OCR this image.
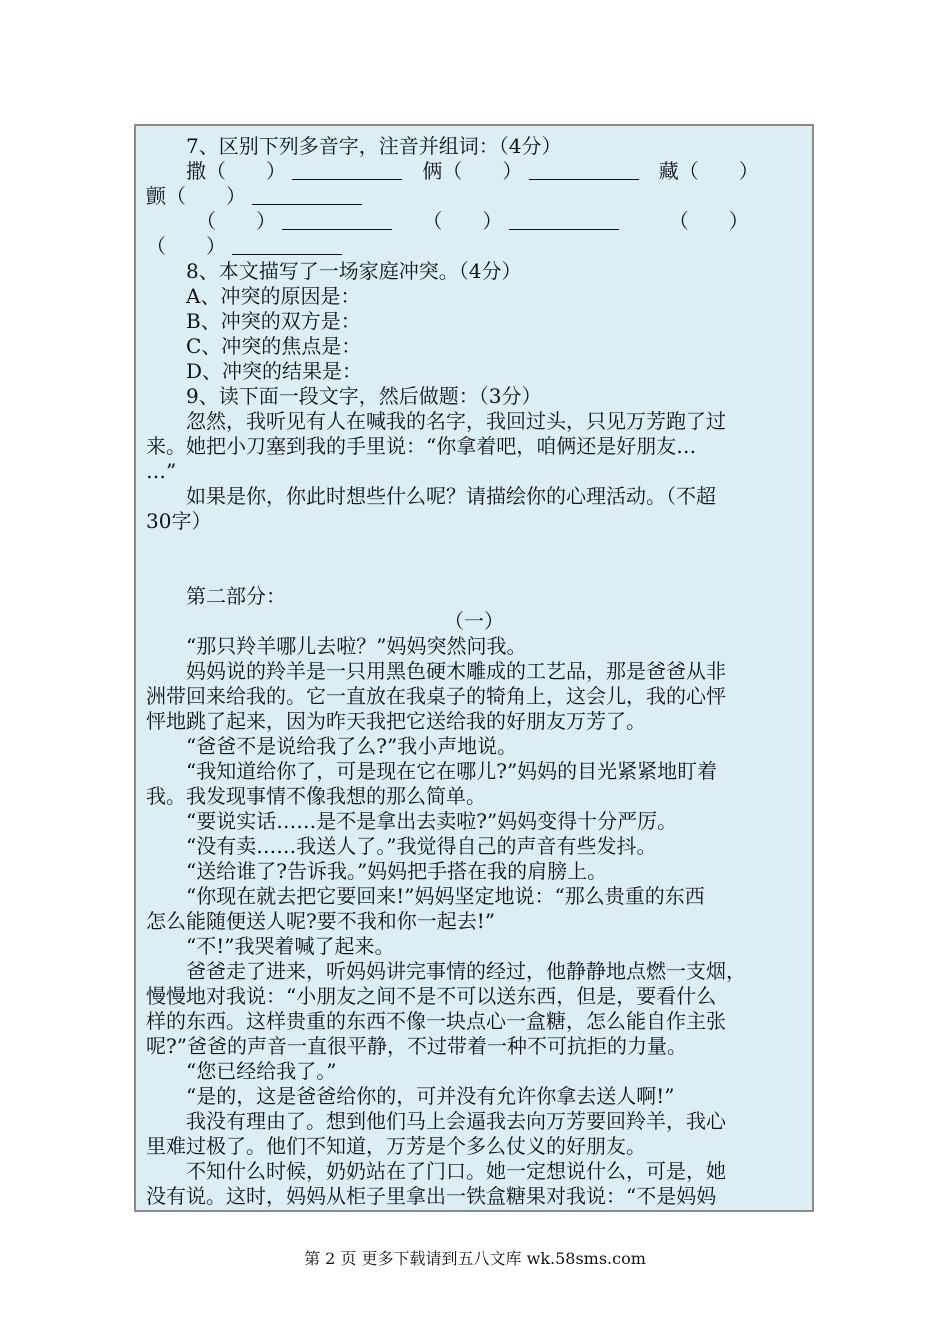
7、区别下列多音字，注音并组词：（4分）

撒（　　） 　	俩（　　） 　	藏（　　）

颤（　　）

　（　　） 　　	（　　） 　　　	（　　）

（　　）

8、本文描写了一场家庭冲突。（4分）

A、冲突的原因是：

B、冲突的双方是：

C、冲突的焦点是：

D、冲突的结果是：

9、读下面一段文字，然后做题：（3分）

忽然，我听见有人在喊我的名字，我回过头，只见万芳跑了过

来。她把小刀塞到我的手里说：“你拿着吧，咱俩还是好朋友…

…”

如果是你，你此时想些什么呢？请描绘你的心理活动。（不超

30字）

第二部分：

（一）

“那只羚羊哪儿去啦？”妈妈突然问我。

妈妈说的羚羊是一只用黑色硬木雕成的工艺品，那是爸爸从非

洲带回来给我的。它一直放在我桌子的犄角上，这会儿，我的心怦

怦地跳了起来，因为昨天我把它送给我的好朋友万芳了。

“爸爸不是说给我了么?”我小声地说。

“我知道给你了，可是现在它在哪儿?”妈妈的目光紧紧地盯着

我。我发现事情不像我想的那么简单。

“要说实话……是不是拿出去卖啦?”妈妈变得十分严厉。

“没有卖……我送人了。”我觉得自己的声音有些发抖。

“送给谁了?告诉我。”妈妈把手搭在我的肩膀上。

“你现在就去把它要回来!”妈妈坚定地说：“那么贵重的东西

怎么能随便送人呢?要不我和你一起去!”

“不!”我哭着喊了起来。

爸爸走了进来，听妈妈讲完事情的经过，他静静地点燃一支烟，

慢慢地对我说：“小朋友之间不是不可以送东西，但是，要看什么

样的东西。这样贵重的东西不像一块点心一盒糖，怎么能自作主张

呢?”爸爸的声音一直很平静，不过带着一种不可抗拒的力量。

“您已经给我了。”

“是的，这是爸爸给你的，可并没有允许你拿去送人啊!”

我没有理由了。想到他们马上会逼我去向万芳要回羚羊，我心

里难过极了。他们不知道，万芳是个多么仗义的好朋友。

不知什么时候，奶奶站在了门口。她一定想说什么，可是，她

没有说。这时，妈妈从柜子里拿出一铁盒糖果对我说：“不是妈妈

第 2 页 更多下载请到五八文库 wk.58sms.com
